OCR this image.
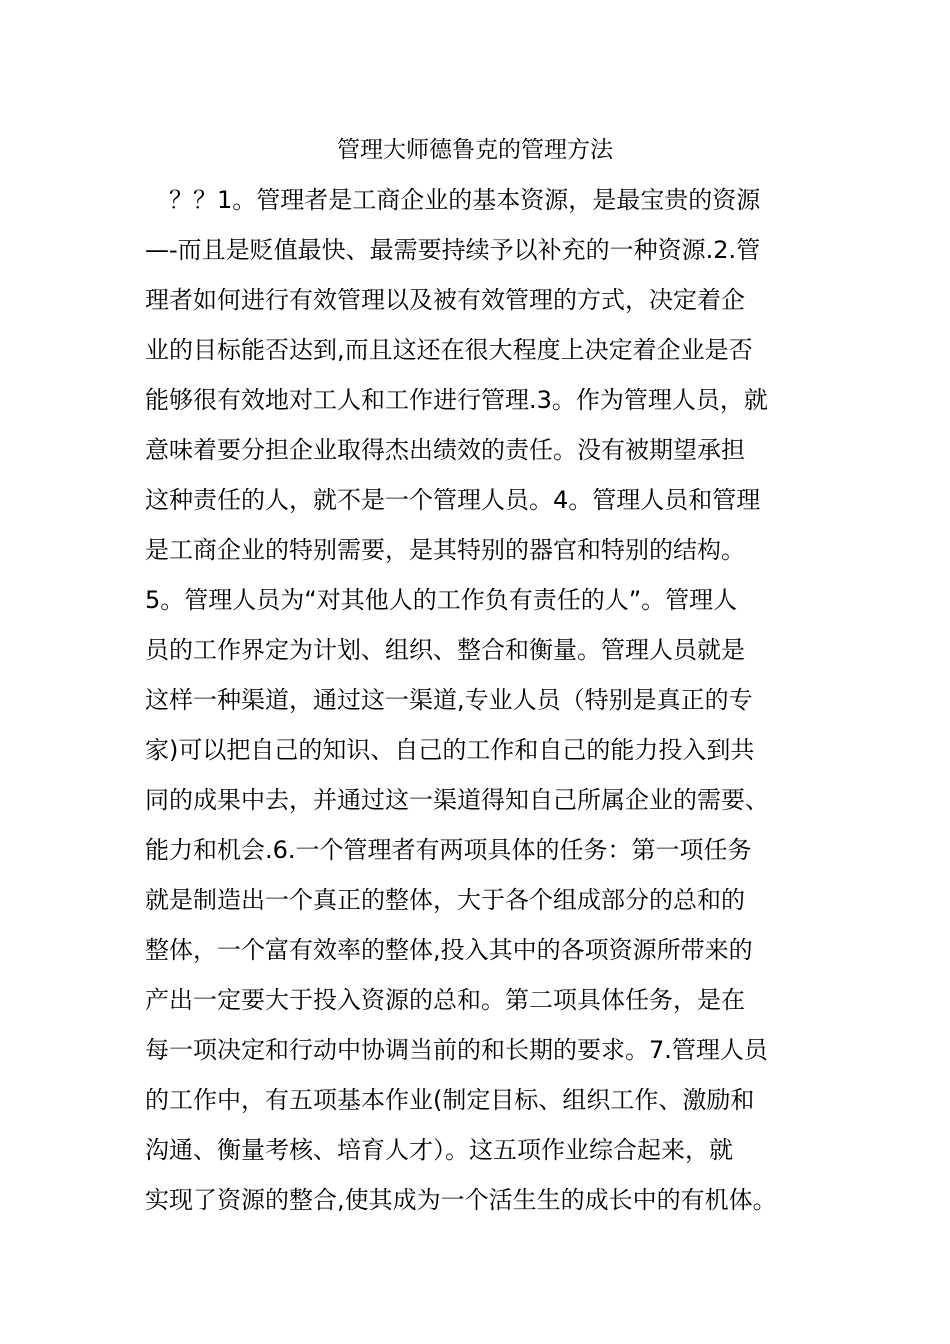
管理大师德鲁克的管理方法
　？？1。管理者是工商企业的基本资源，是最宝贵的资源
—-而且是贬值最快、最需要持续予以补充的一种资源.2.管
理者如何进行有效管理以及被有效管理的方式，决定着企
业的目标能否达到,而且这还在很大程度上决定着企业是否
能够很有效地对工人和工作进行管理.3。作为管理人员，就
意味着要分担企业取得杰出绩效的责任。没有被期望承担
这种责任的人，就不是一个管理人员。4。管理人员和管理
是工商企业的特别需要，是其特别的器官和特别的结构。
5。管理人员为“对其他人的工作负有责任的人”。管理人
员的工作界定为计划、组织、整合和衡量。管理人员就是
这样一种渠道，通过这一渠道,专业人员（特别是真正的专
家)可以把自己的知识、自己的工作和自己的能力投入到共
同的成果中去，并通过这一渠道得知自己所属企业的需要、
能力和机会.6.一个管理者有两项具体的任务：第一项任务
就是制造出一个真正的整体，大于各个组成部分的总和的
整体，一个富有效率的整体,投入其中的各项资源所带来的
产出一定要大于投入资源的总和。第二项具体任务，是在
每一项决定和行动中协调当前的和长期的要求。7.管理人员
的工作中，有五项基本作业(制定目标、组织工作、激励和
沟通、衡量考核、培育人才）。这五项作业综合起来，就
实现了资源的整合,使其成为一个活生生的成长中的有机体。
